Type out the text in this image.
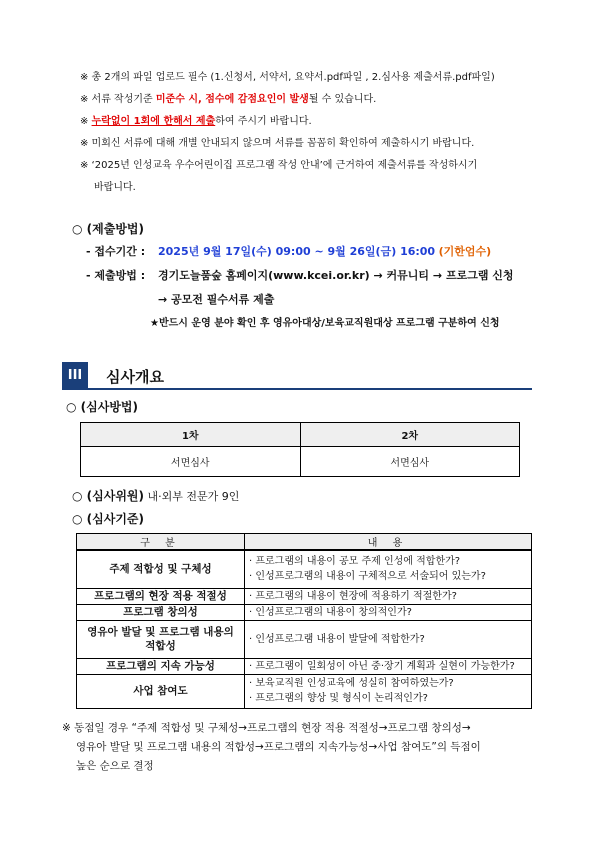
※ 총 2개의 파일 업로드 필수 (1.신청서, 서약서, 요약서.pdf파일 , 2.심사용 제출서류.pdf파일)
※ 서류 작성기준 미준수 시, 점수에 감점요인이 발생될 수 있습니다.
※ 누락없이 1회에 한해서 제출하여 주시기 바랍니다.
※ 미회신 서류에 대해 개별 안내되지 않으며 서류를 꼼꼼히 확인하여 제출하시기 바랍니다.
※ ‘2025년 인성교육 우수어린이집 프로그램 작성 안내’에 근거하여 제출서류를 작성하시기
바랍니다.
○ (제출방법)
- 접수기간 : 2025년 9월 17일(수) 09:00 ~ 9월 26일(금) 16:00 (기한엄수)
- 제출방법 : 경기도늘품숲 홈페이지(www.kcei.or.kr) → 커뮤니티 → 프로그램 신청
→ 공모전 필수서류 제출
★반드시 운영 분야 확인 후 영유아대상/보육교직원대상 프로그램 구분하여 신청
III	심사개요
○ (심사방법)
1차	2차
서면심사	서면심사
○ (심사위원) 내·외부 전문가 9인
○ (심사기준)
구 분	내 용
주제 적합성 및 구체성	· 프로그램의 내용이 공모 주제 인성에 적합한가?
· 인성프로그램의 내용이 구체적으로 서술되어 있는가?

프로그램의 현장 적용 적절성	· 프로그램의 내용이 현장에 적용하기 적절한가?

프로그램 창의성	· 인성프로그램의 내용이 창의적인가?

영유아 발달 및 프로그램 내용의 적합성	· 인성프로그램 내용이 발달에 적합한가?

프로그램의 지속 가능성	· 프로그램이 일회성이 아닌 중·장기 계획과 실현이 가능한가?

사업 참여도	· 보육교직원 인성교육에 성실히 참여하였는가?
· 프로그램의 향상 및 형식이 논리적인가?
※ 동점일 경우 “주제 적합성 및 구체성→프로그램의 현장 적용 적절성→프로그램 창의성→
영유아 발달 및 프로그램 내용의 적합성→프로그램의 지속가능성→사업 참여도”의 득점이
높은 순으로 결정
